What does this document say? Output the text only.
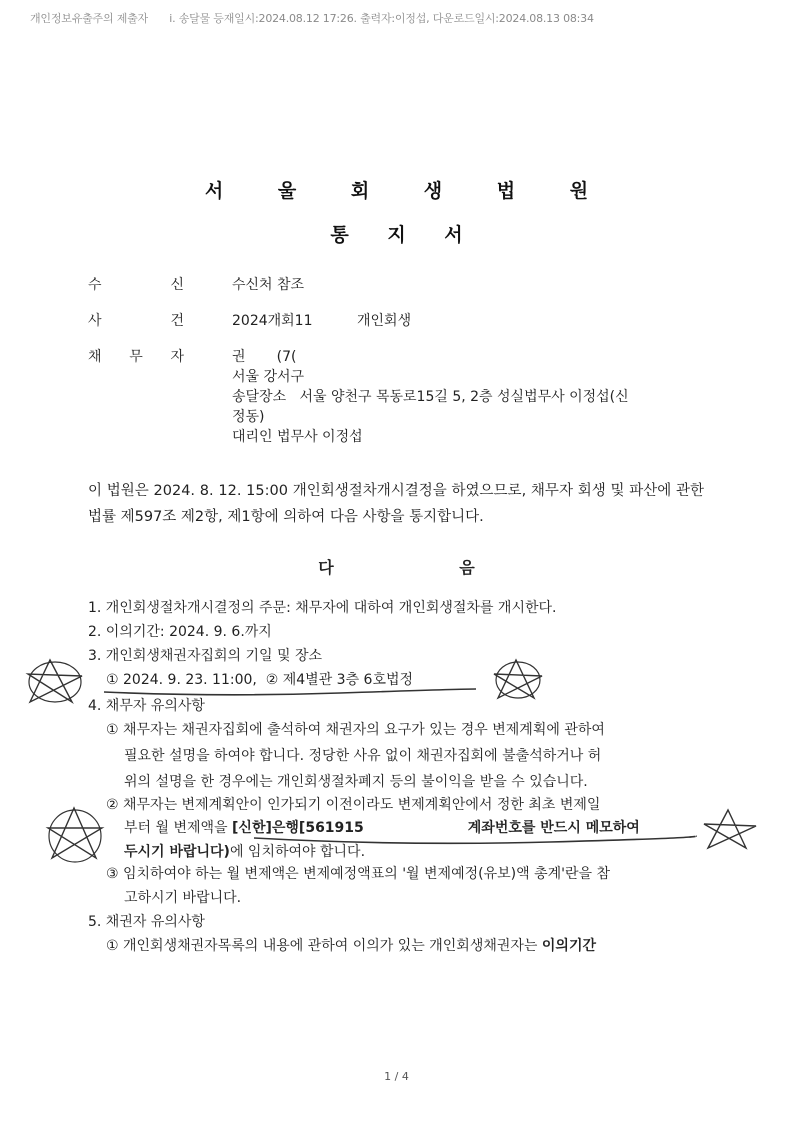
개인정보유출주의 제출자 i. 송달물 등재일시:2024.08.12 17:26. 출력자:이정섭, 다운로드일시:2024.08.13 08:34
서 울 회 생 법 원
통 지 서
수	신	수신처 참조
사	건	2024개회11          개인회생
채 무 자	권       (7(
서울 강서구
송달장소   서울 양천구 목동로15길 5, 2층 성실법무사 이정섭(신
정동)
대리인 법무사 이정섭
이 법원은 2024. 8. 12. 15:00 개인회생절차개시결정을 하였으므로, 채무자 회생 및 파산에 관한 법률 제597조 제2항, 제1항에 의하여 다음 사항을 통지합니다.
다 음
1. 개인회생절차개시결정의 주문: 채무자에 대하여 개인회생절차를 개시한다.
2. 이의기간: 2024. 9. 6.까지
3. 개인회생채권자집회의 기일 및 장소
① 2024. 9. 23. 11:00,  ② 제4별관 3층 6호법정
4. 채무자 유의사항
① 채무자는 채권자집회에 출석하여 채권자의 요구가 있는 경우 변제계획에 관하여
필요한 설명을 하여야 합니다. 정당한 사유 없이 채권자집회에 불출석하거나 허
위의 설명을 한 경우에는 개인회생절차폐지 등의 불이익을 받을 수 있습니다.
② 채무자는 변제계획안이 인가되기 이전이라도 변제계획안에서 정한 최초 변제일
부터 월 변제액을 [신한]은행[561915	계좌번호를 반드시 메모하여
두시기 바랍니다)에 임치하여야 합니다.
③ 임치하여야 하는 월 변제액은 변제예정액표의 '월 변제예정(유보)액 총계'란을 참
고하시기 바랍니다.
5. 채권자 유의사항
① 개인회생채권자목록의 내용에 관하여 이의가 있는 개인회생채권자는 이의기간
1 / 4
